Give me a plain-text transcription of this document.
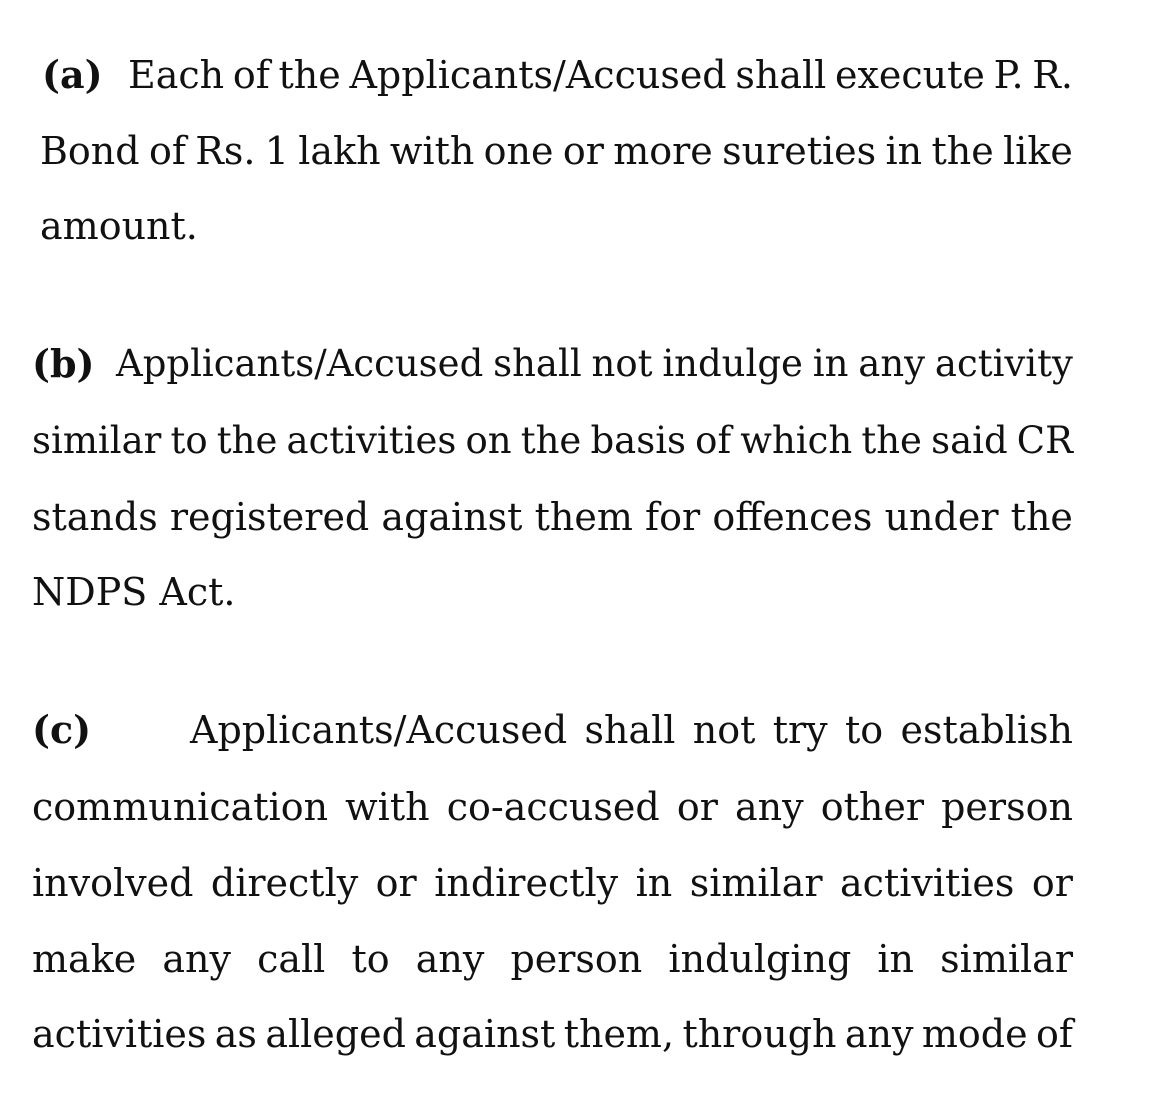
(a) Each of the Applicants/Accused shall execute P. R.
Bond of Rs. 1 lakh with one or more sureties in the like
amount.
(b) Applicants/Accused shall not indulge in any activity
similar to the activities on the basis of which the said CR
stands registered against them for offences under the
NDPS Act.
(c)	Applicants/Accused shall not try to establish
communication with co-accused or any other person
involved directly or indirectly in similar activities or
make any call to any person indulging in similar
activities as alleged against them, through any mode of
